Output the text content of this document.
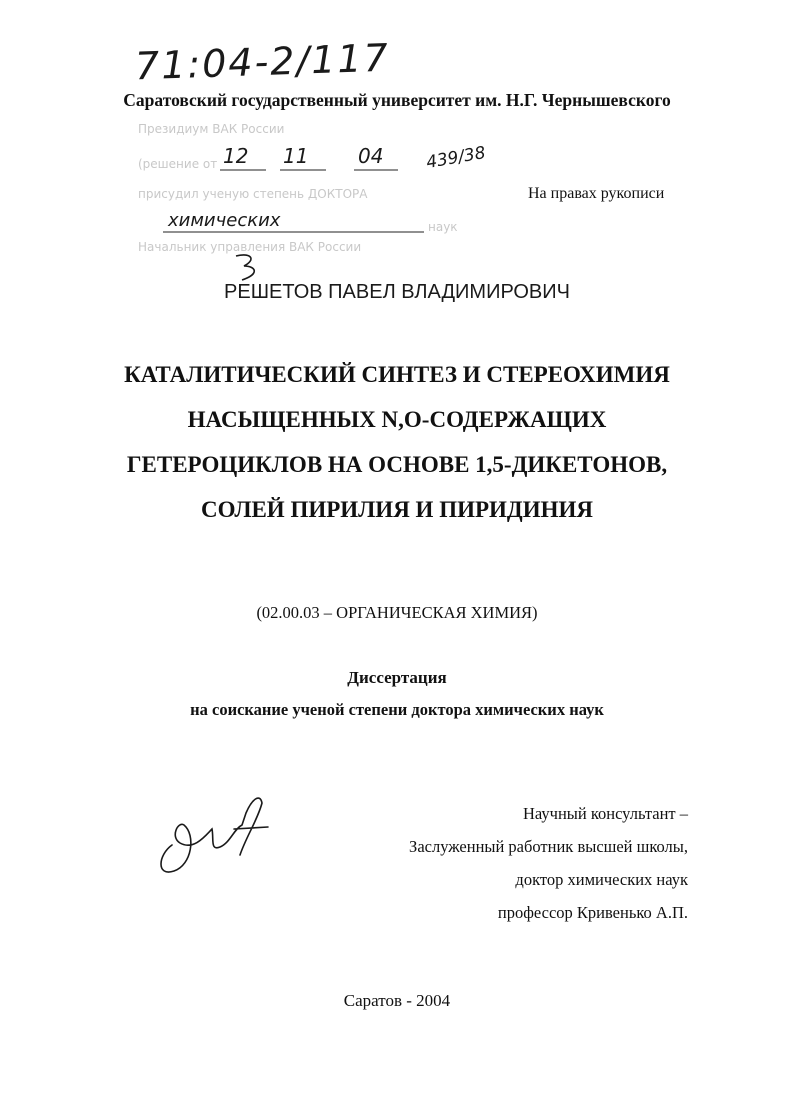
71:04-2/117
Саратовский государственный университет им. Н.Г. Чернышевского
Президиум ВАК России
(решение от 12 11 04 439/38
присудил ученую степень ДОКТОРА
химических	наук
Начальник управления ВАК России
На правах рукописи
РЕШЕТОВ ПАВЕЛ ВЛАДИМИРОВИЧ
КАТАЛИТИЧЕСКИЙ СИНТЕЗ И СТЕРЕОХИМИЯ
НАСЫЩЕННЫХ N,O-СОДЕРЖАЩИХ
ГЕТЕРОЦИКЛОВ НА ОСНОВЕ 1,5-ДИКЕТОНОВ,
СОЛЕЙ ПИРИЛИЯ И ПИРИДИНИЯ
(02.00.03 – ОРГАНИЧЕСКАЯ ХИМИЯ)
Диссертация
на соискание ученой степени доктора химических наук
Научный консультант –
Заслуженный работник высшей школы,
доктор химических наук
профессор Кривенько А.П.
Саратов - 2004
